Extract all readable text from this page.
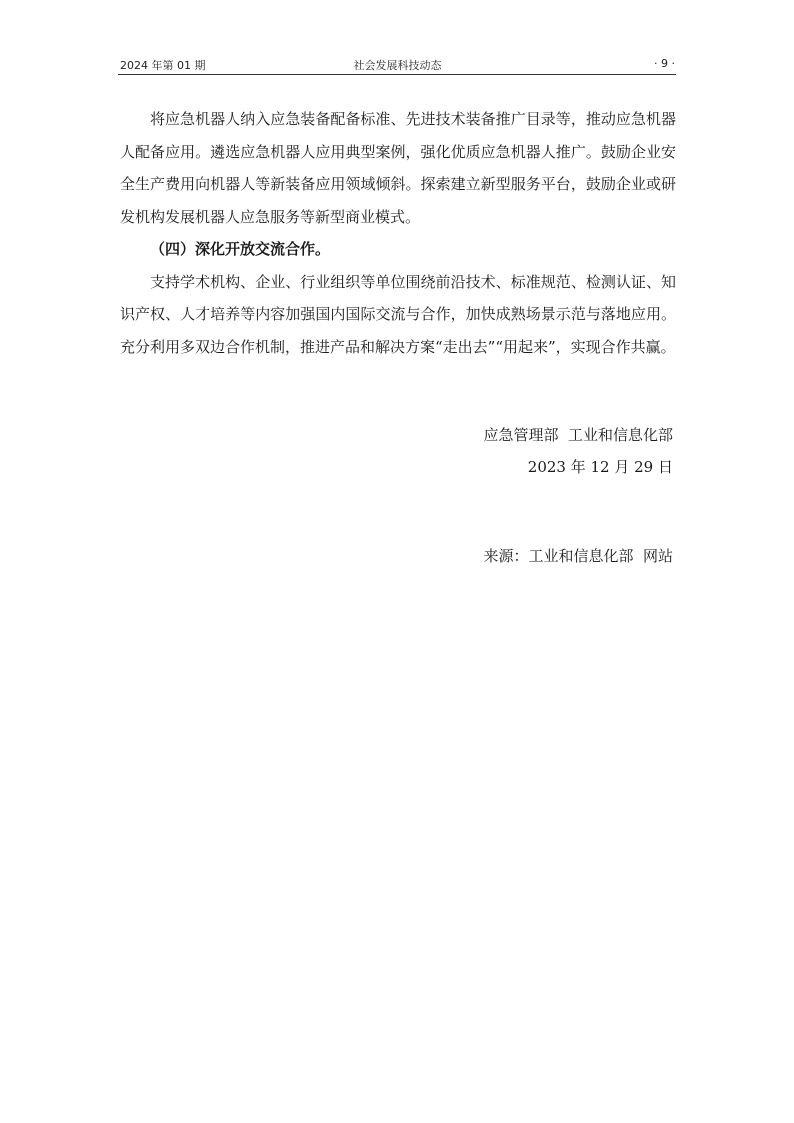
2024 年第 01 期	社会发展科技动态	· 9 ·

将应急机器人纳入应急装备配备标准、先进技术装备推广目录等，推动应急机器人配备应用。遴选应急机器人应用典型案例，强化优质应急机器人推广。鼓励企业安全生产费用向机器人等新装备应用领域倾斜。探索建立新型服务平台，鼓励企业或研发机构发展机器人应急服务等新型商业模式。

（四）深化开放交流合作。

支持学术机构、企业、行业组织等单位围绕前沿技术、标准规范、检测认证、知识产权、人才培养等内容加强国内国际交流与合作，加快成熟场景示范与落地应用。充分利用多双边合作机制，推进产品和解决方案“走出去”“用起来”，实现合作共赢。

应急管理部  工业和信息化部
2023 年 12 月 29 日
来源：工业和信息化部  网站
